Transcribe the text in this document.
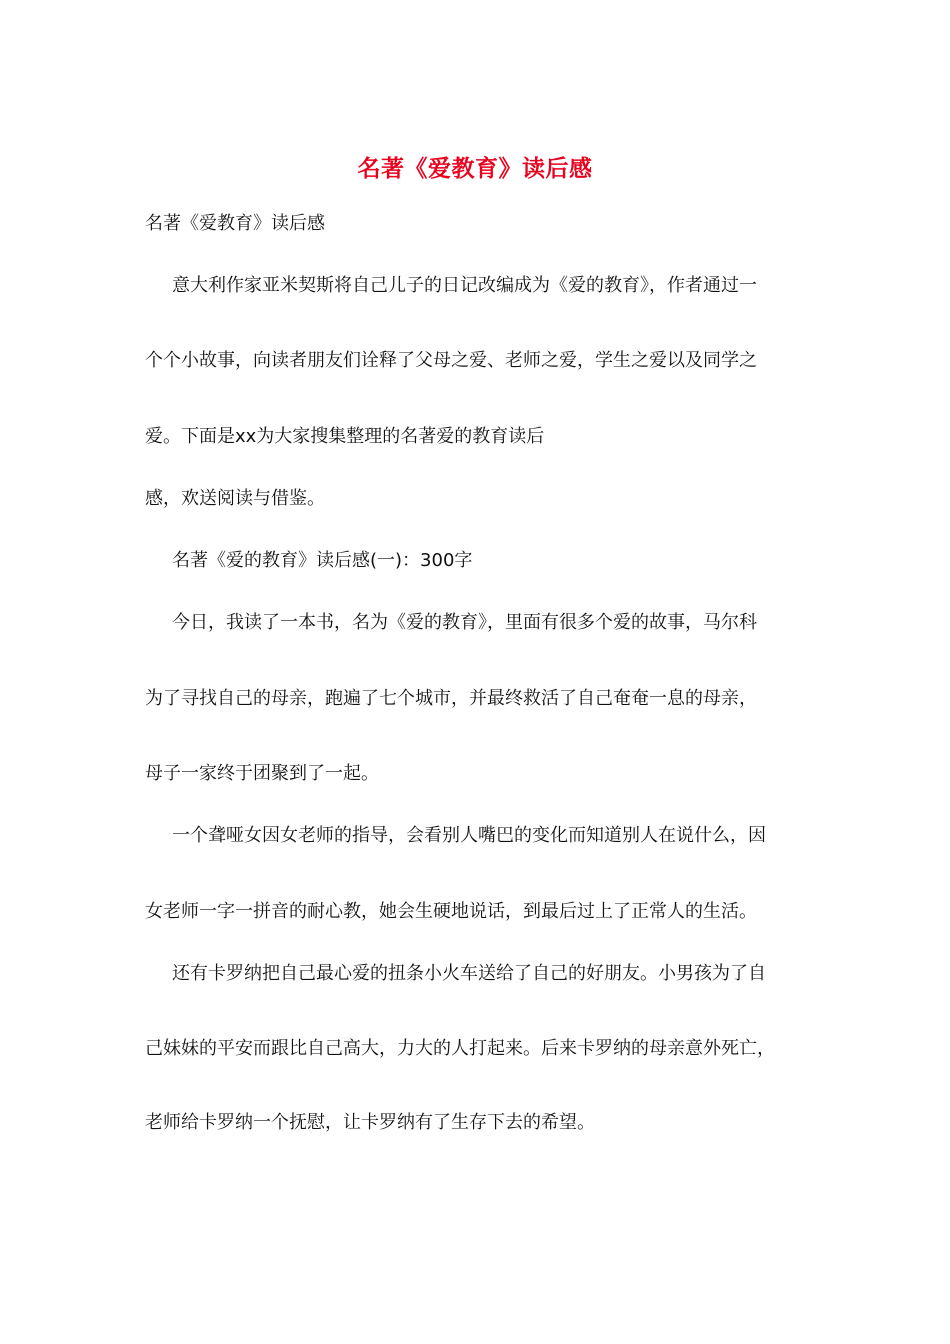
名著《爱教育》读后感
名著《爱教育》读后感
意大利作家亚米契斯将自己儿子的日记改编成为《爱的教育》，作者通过一
个个小故事，向读者朋友们诠释了父母之爱、老师之爱，学生之爱以及同学之
爱。下面是xx为大家搜集整理的名著爱的教育读后
感，欢送阅读与借鉴。
名著《爱的教育》读后感(一)：300字
今日，我读了一本书，名为《爱的教育》，里面有很多个爱的故事，马尔科
为了寻找自己的母亲，跑遍了七个城市，并最终救活了自己奄奄一息的母亲，
母子一家终于团聚到了一起。
一个聋哑女因女老师的指导，会看别人嘴巴的变化而知道别人在说什么，因
女老师一字一拼音的耐心教，她会生硬地说话，到最后过上了正常人的生活。
还有卡罗纳把自己最心爱的扭条小火车送给了自己的好朋友。小男孩为了自
己妹妹的平安而跟比自己高大，力大的人打起来。后来卡罗纳的母亲意外死亡，
老师给卡罗纳一个抚慰，让卡罗纳有了生存下去的希望。
